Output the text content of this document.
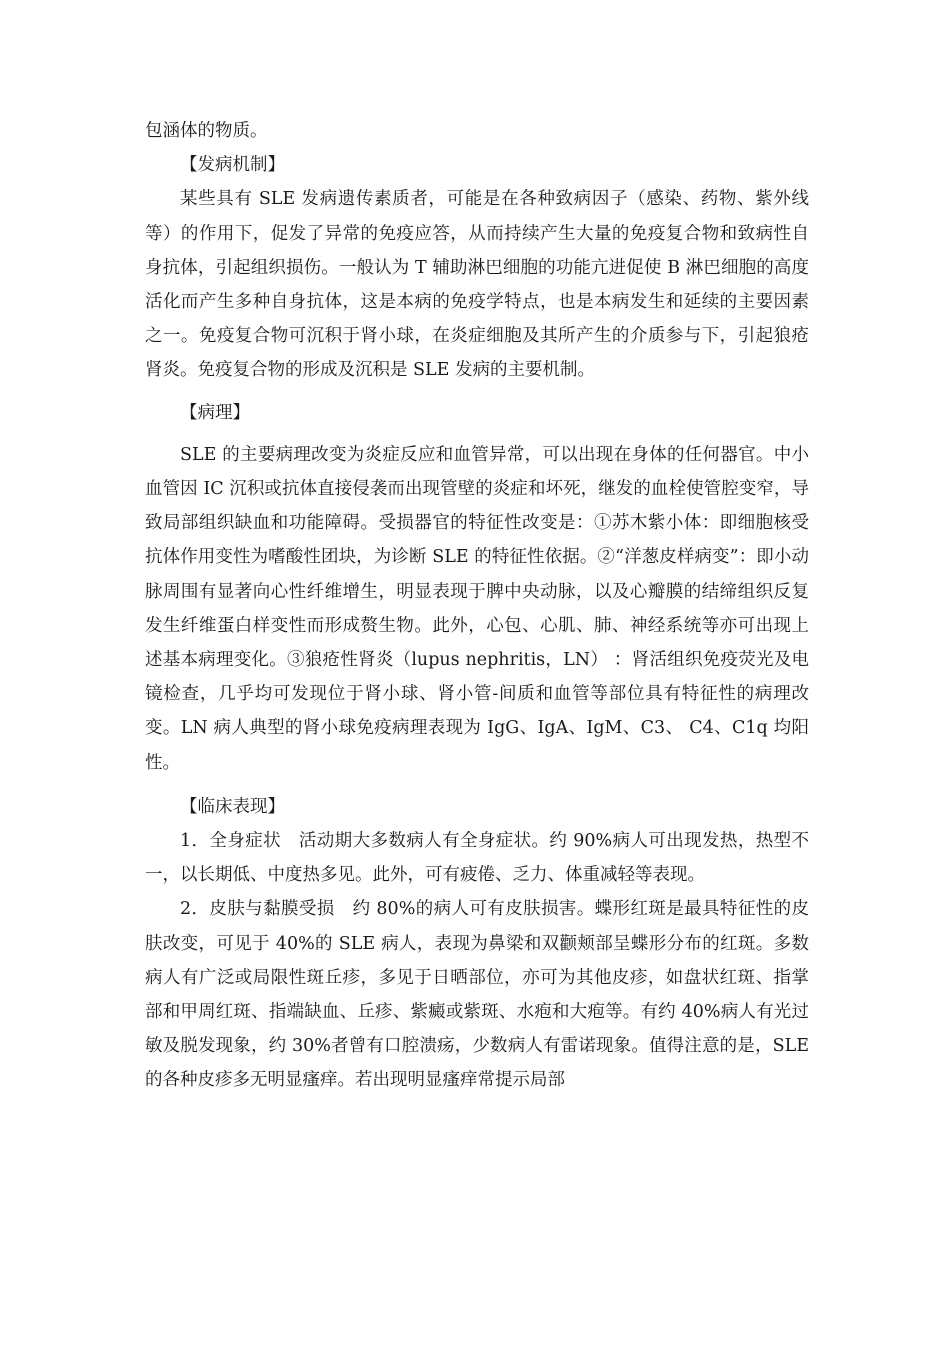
包涵体的物质。

【发病机制】

某些具有 SLE 发病遗传素质者，可能是在各种致病因子（感染、药物、紫外线等）的作用下，促发了异常的免疫应答，从而持续产生大量的免疫复合物和致病性自身抗体，引起组织损伤。一般认为 T 辅助淋巴细胞的功能亢进促使 B 淋巴细胞的高度活化而产生多种自身抗体，这是本病的免疫学特点，也是本病发生和延续的主要因素之一。免疫复合物可沉积于肾小球，在炎症细胞及其所产生的介质参与下，引起狼疮肾炎。免疫复合物的形成及沉积是 SLE 发病的主要机制。

【病理】

SLE 的主要病理改变为炎症反应和血管异常，可以出现在身体的任何器官。中小血管因 IC 沉积或抗体直接侵袭而出现管壁的炎症和坏死，继发的血栓使管腔变窄，导致局部组织缺血和功能障碍。受损器官的特征性改变是：①苏木紫小体：即细胞核受抗体作用变性为嗜酸性团块，为诊断 SLE 的特征性依据。②“洋葱皮样病变”：即小动脉周围有显著向心性纤维增生，明显表现于脾中央动脉，以及心瓣膜的结缔组织反复发生纤维蛋白样变性而形成赘生物。此外，心包、心肌、肺、神经系统等亦可出现上述基本病理变化。③狼疮性肾炎（lupus nephritis，LN） ：肾活组织免疫荧光及电镜检查，几乎均可发现位于肾小球、肾小管-间质和血管等部位具有特征性的病理改变。LN 病人典型的肾小球免疫病理表现为 IgG、IgA、IgM、C3、 C4、C1q 均阳性。

【临床表现】

1．全身症状　活动期大多数病人有全身症状。约 90%病人可出现发热，热型不一，以长期低、中度热多见。此外，可有疲倦、乏力、体重减轻等表现。

2．皮肤与黏膜受损　约 80%的病人可有皮肤损害。蝶形红斑是最具特征性的皮肤改变，可见于 40%的 SLE 病人，表现为鼻梁和双颧颊部呈蝶形分布的红斑。多数病人有广泛或局限性斑丘疹，多见于日晒部位，亦可为其他皮疹，如盘状红斑、指掌部和甲周红斑、指端缺血、丘疹、紫癜或紫斑、水疱和大疱等。有约 40%病人有光过敏及脱发现象，约 30%者曾有口腔溃疡，少数病人有雷诺现象。值得注意的是，SLE 的各种皮疹多无明显瘙痒。若出现明显瘙痒常提示局部
